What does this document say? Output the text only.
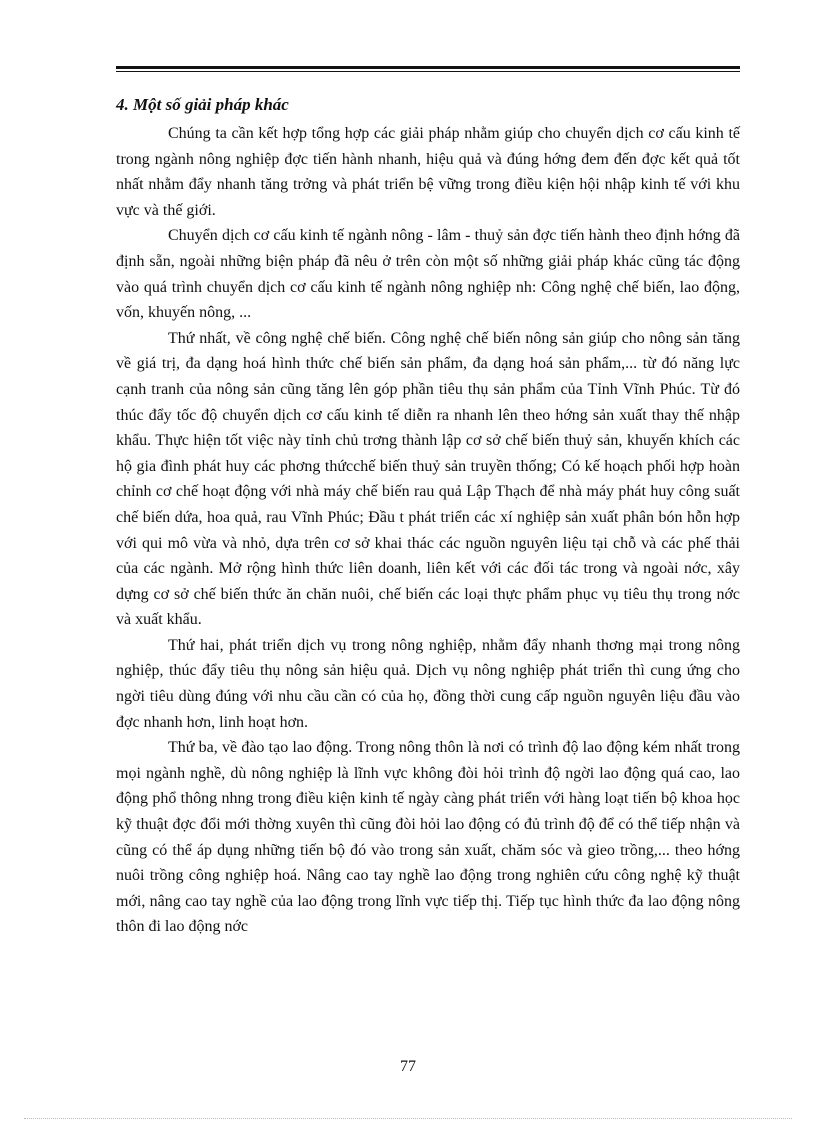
4. Một số giải pháp khác

Chúng ta cần kết hợp tổng hợp các giải pháp nhằm giúp cho chuyển dịch cơ cấu kinh tế trong ngành nông nghiệp đợc tiến hành nhanh, hiệu quả và đúng hớng đem đến đợc kết quả tốt nhất nhằm đẩy nhanh tăng trởng và phát triển bệ vững trong điều kiện hội nhập kinh tế với khu vực và thế giới.

Chuyển dịch cơ cấu kinh tế ngành nông - lâm - thuỷ sản đợc tiến hành theo định hớng đã định sẵn, ngoài những biện pháp đã nêu ở trên còn một số những giải pháp khác cũng tác động vào quá trình chuyển dịch cơ cấu kinh tế ngành nông nghiệp nh: Công nghệ chế biến, lao động, vốn, khuyến nông, ...

Thứ nhất, về công nghệ chế biến. Công nghệ chế biến nông sản giúp cho nông sản tăng về giá trị, đa dạng hoá hình thức chế biến sản phẩm, đa dạng hoá sản phẩm,... từ đó năng lực cạnh tranh của nông sản cũng tăng lên góp phần tiêu thụ sản phẩm của Tỉnh Vĩnh Phúc. Từ đó thúc đẩy tốc độ chuyển dịch cơ cấu kinh tế diễn ra nhanh lên theo hớng sản xuất thay thế nhập khẩu. Thực hiện tốt việc này tỉnh chủ trơng thành lập cơ sở chế biến thuỷ sản, khuyến khích các hộ gia đình phát huy các phơng thứcchế biến thuỷ sản truyền thống; Có kế hoạch phối hợp hoàn chỉnh cơ chế hoạt động với nhà máy chế biến rau quả Lập Thạch để nhà máy phát huy công suất chế biến dứa, hoa quả, rau Vĩnh Phúc; Đầu t phát triển các xí nghiệp sản xuất phân bón hỗn hợp với qui mô vừa và nhỏ, dựa trên cơ sở khai thác các nguồn nguyên liệu tại chỗ và các phế thải của các ngành. Mở rộng hình thức liên doanh, liên kết với các đối tác trong và ngoài nớc, xây dựng cơ sở chế biến thức ăn chăn nuôi, chế biến các loại thực phẩm phục vụ tiêu thụ trong nớc và xuất khẩu.

Thứ hai, phát triển dịch vụ trong nông nghiệp, nhằm đẩy nhanh thơng mại trong nông nghiệp, thúc đẩy tiêu thụ nông sản hiệu quả. Dịch vụ nông nghiệp phát triển thì cung ứng cho ngời tiêu dùng đúng với nhu cầu cần có của họ, đồng thời cung cấp nguồn nguyên liệu đầu vào đợc nhanh hơn, linh hoạt hơn.

Thứ ba, về đào tạo lao động. Trong nông thôn là nơi có trình độ lao động kém nhất trong mọi ngành nghề, dù nông nghiệp là lĩnh vực không đòi hỏi trình độ ngời lao động quá cao, lao động phổ thông nhng trong điều kiện kinh tế ngày càng phát triển với hàng loạt tiến bộ khoa học kỹ thuật đợc đổi mới thờng xuyên thì cũng đòi hỏi lao động có đủ trình độ để có thể tiếp nhận và cũng có thể áp dụng những tiến bộ đó vào trong sản xuất, chăm sóc và gieo trồng,... theo hớng nuôi trồng công nghiệp hoá. Nâng cao tay nghề lao động trong nghiên cứu công nghệ kỹ thuật mới, nâng cao tay nghề của lao động trong lĩnh vực tiếp thị. Tiếp tục hình thức đa lao động nông thôn đi lao động nớc

77
